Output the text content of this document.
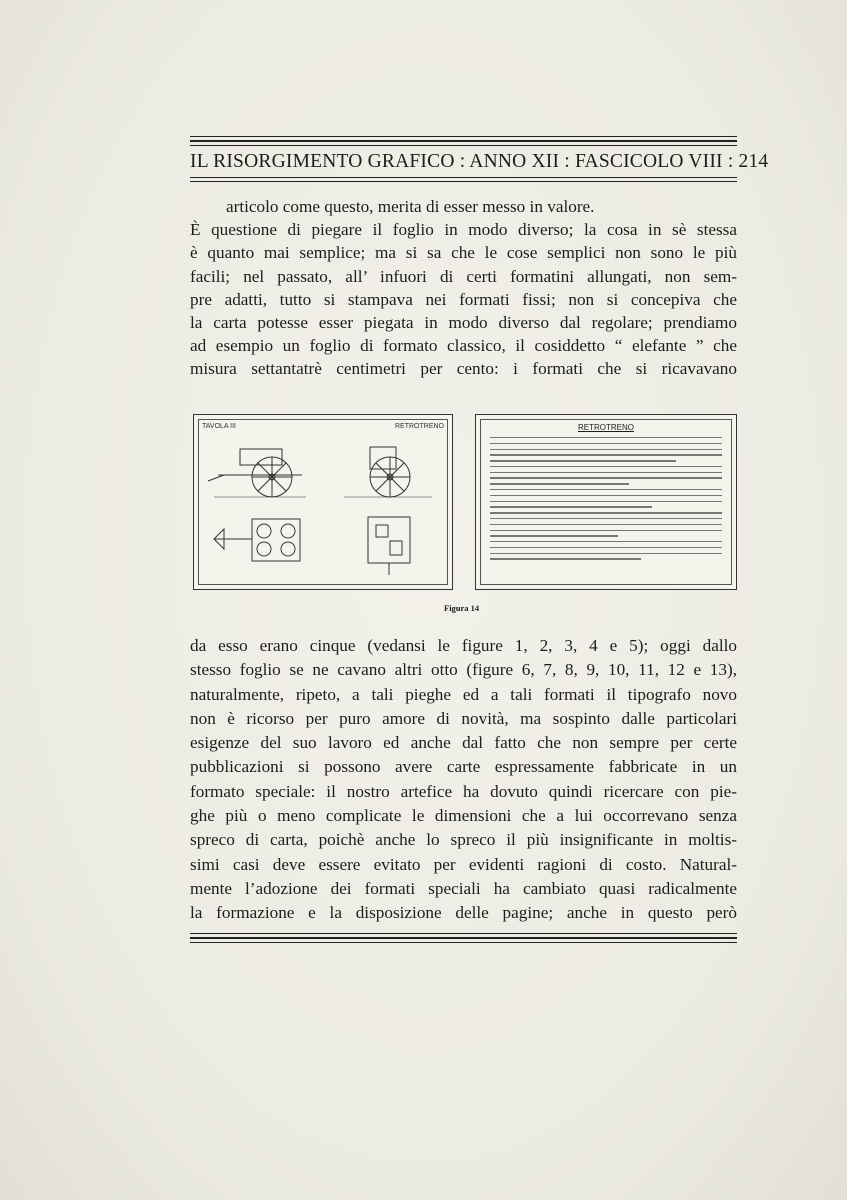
IL RISORGIMENTO GRAFICO : ANNO XII : FASCICOLO VIII : 214
articolo come questo, merita di esser messo in valore.
È questione di piegare il foglio in modo diverso; la cosa in sè stessa
è quanto mai semplice; ma si sa che le cose semplici non sono le più
facili; nel passato, all’ infuori di certi formatini allungati, non sem-
pre adatti, tutto si stampava nei formati fissi; non si concepiva che
la carta potesse esser piegata in modo diverso dal regolare; prendiamo
ad esempio un foglio di formato classico, il cosiddetto “ elefante ” che
misura settantatrè centimetri per cento: i formati che si ricavavano
TAVOLA III	RETROTRENO	RETROTRENO
Figura 14
da esso erano cinque (vedansi le figure 1, 2, 3, 4 e 5); oggi dallo
stesso foglio se ne cavano altri otto (figure 6, 7, 8, 9, 10, 11, 12 e 13),
naturalmente, ripeto, a tali pieghe ed a tali formati il tipografo novo
non è ricorso per puro amore di novità, ma sospinto dalle particolari
esigenze del suo lavoro ed anche dal fatto che non sempre per certe
pubblicazioni si possono avere carte espressamente fabbricate in un
formato speciale: il nostro artefice ha dovuto quindi ricercare con pie-
ghe più o meno complicate le dimensioni che a lui occorrevano senza
spreco di carta, poichè anche lo spreco il più insignificante in moltis-
simi casi deve essere evitato per evidenti ragioni di costo. Natural-
mente l’adozione dei formati speciali ha cambiato quasi radicalmente
la formazione e la disposizione delle pagine; anche in questo però
